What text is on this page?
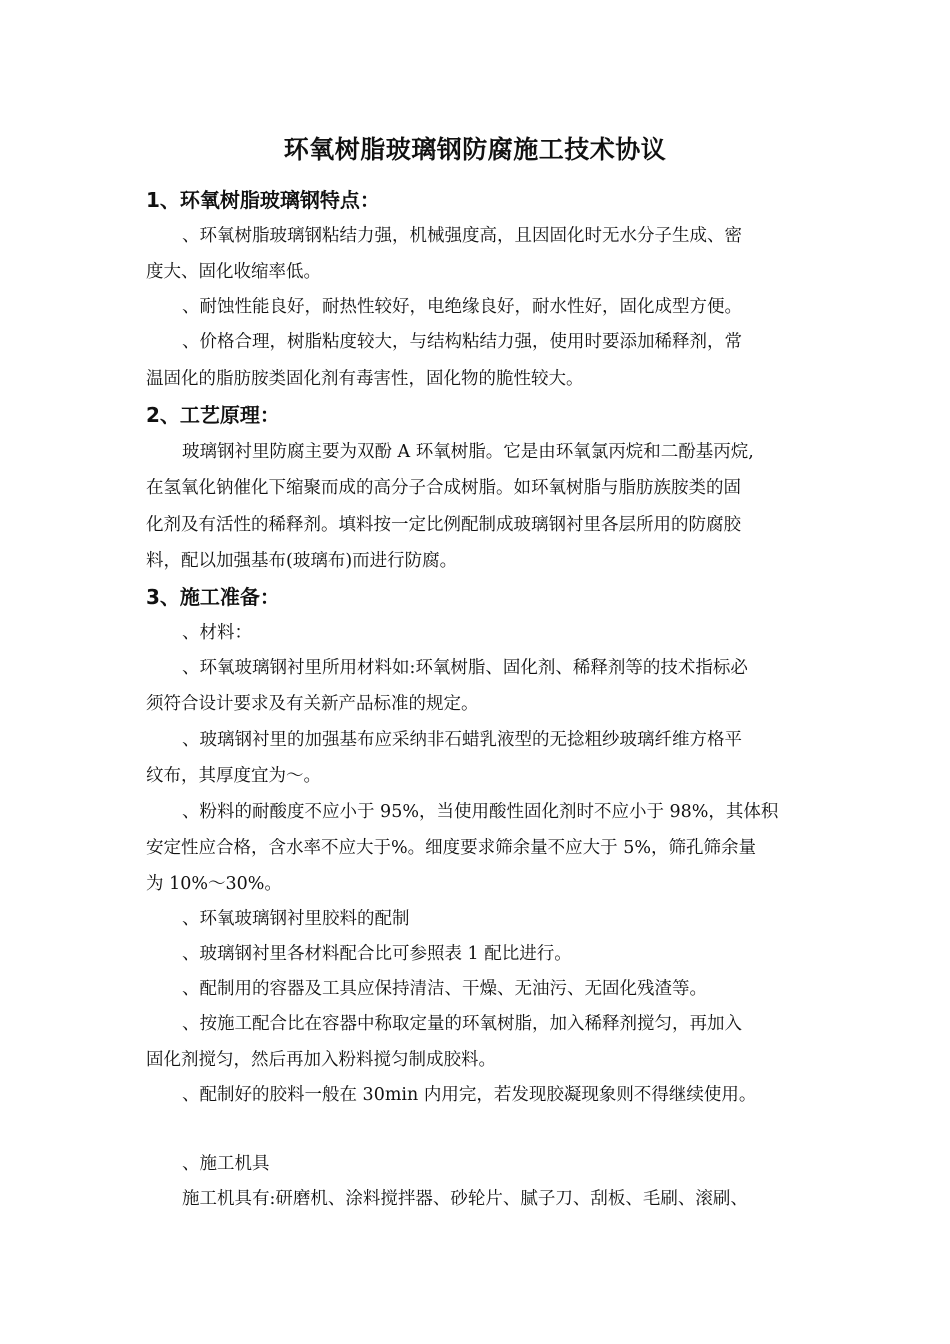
环氧树脂玻璃钢防腐施工技术协议
1、环氧树脂玻璃钢特点：
、环氧树脂玻璃钢粘结力强，机械强度高，且因固化时无水分子生成、密
度大、固化收缩率低。
、耐蚀性能良好，耐热性较好，电绝缘良好，耐水性好，固化成型方便。
、价格合理，树脂粘度较大，与结构粘结力强，使用时要添加稀释剂，常
温固化的脂肪胺类固化剂有毒害性，固化物的脆性较大。
2、工艺原理：
玻璃钢衬里防腐主要为双酚 A 环氧树脂。它是由环氧氯丙烷和二酚基丙烷,
在氢氧化钠催化下缩聚而成的高分子合成树脂。如环氧树脂与脂肪族胺类的固
化剂及有活性的稀释剂。填料按一定比例配制成玻璃钢衬里各层所用的防腐胶
料，配以加强基布(玻璃布)而进行防腐。
3、施工准备：
、材料：
、环氧玻璃钢衬里所用材料如:环氧树脂、固化剂、稀释剂等的技术指标必
须符合设计要求及有关新产品标准的规定。
、玻璃钢衬里的加强基布应采纳非石蜡乳液型的无捻粗纱玻璃纤维方格平
纹布，其厚度宜为～。
、粉料的耐酸度不应小于 95%，当使用酸性固化剂时不应小于 98%，其体积
安定性应合格，含水率不应大于%。细度要求筛余量不应大于 5%，筛孔筛余量
为 10%～30%。
、环氧玻璃钢衬里胶料的配制
、玻璃钢衬里各材料配合比可参照表 1 配比进行。
、配制用的容器及工具应保持清洁、干燥、无油污、无固化残渣等。
、按施工配合比在容器中称取定量的环氧树脂，加入稀释剂搅匀，再加入
固化剂搅匀，然后再加入粉料搅匀制成胶料。
、配制好的胶料一般在 30min 内用完，若发现胶凝现象则不得继续使用。
、施工机具
施工机具有:研磨机、涂料搅拌器、砂轮片、腻子刀、刮板、毛刷、滚刷、
